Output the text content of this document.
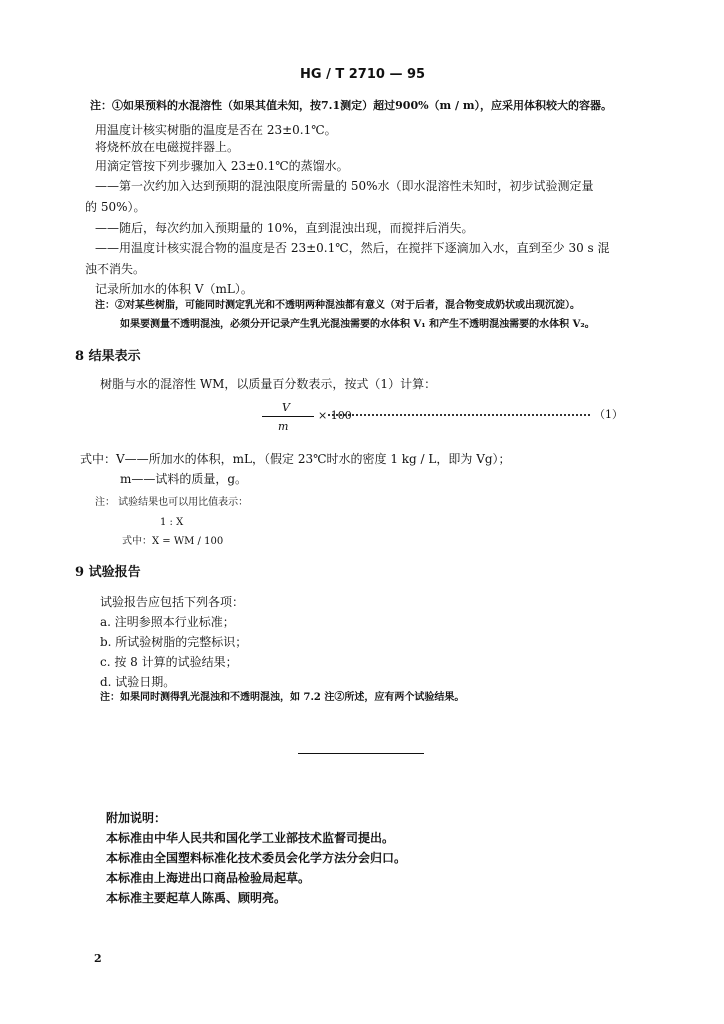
HG / T 2710 — 95
注：①如果预料的水混溶性（如果其值未知，按7.1测定）超过900%（m / m），应采用体积较大的容器。
用温度计核实树脂的温度是否在 23±0.1℃。
将烧杯放在电磁搅拌器上。
用滴定管按下列步骤加入 23±0.1℃的蒸馏水。
——第一次约加入达到预期的混浊限度所需量的 50%水（即水混溶性未知时，初步试验测定量
的 50%）。
——随后，每次约加入预期量的 10%，直到混浊出现，而搅拌后消失。
——用温度计核实混合物的温度是否 23±0.1℃，然后，在搅拌下逐滴加入水，直到至少 30 s 混
浊不消失。
记录所加水的体积 V（mL）。
注：②对某些树脂，可能同时测定乳光和不透明两种混浊都有意义（对于后者，混合物变成奶状或出现沉淀）。
如果要测量不透明混浊，必须分开记录产生乳光混浊需要的水体积 V₁ 和产生不透明混浊需要的水体积 V₂。
8 结果表示
树脂与水的混溶性 WM，以质量百分数表示，按式（1）计算：
V
m
× 100	（1）
式中：V——所加水的体积，mL，（假定 23℃时水的密度 1 kg / L，即为 Vg）；
m——试料的质量，g。
注： 试验结果也可以用比值表示：
1 : X
式中：X = WM / 100
9 试验报告
试验报告应包括下列各项：
a. 注明参照本行业标准；
b. 所试验树脂的完整标识；
c. 按 8 计算的试验结果；
d. 试验日期。
注：如果同时测得乳光混浊和不透明混浊，如 7.2 注②所述，应有两个试验结果。
附加说明：
本标准由中华人民共和国化学工业部技术监督司提出。
本标准由全国塑料标准化技术委员会化学方法分会归口。
本标准由上海进出口商品检验局起草。
本标准主要起草人陈禹、顾明亮。
2
